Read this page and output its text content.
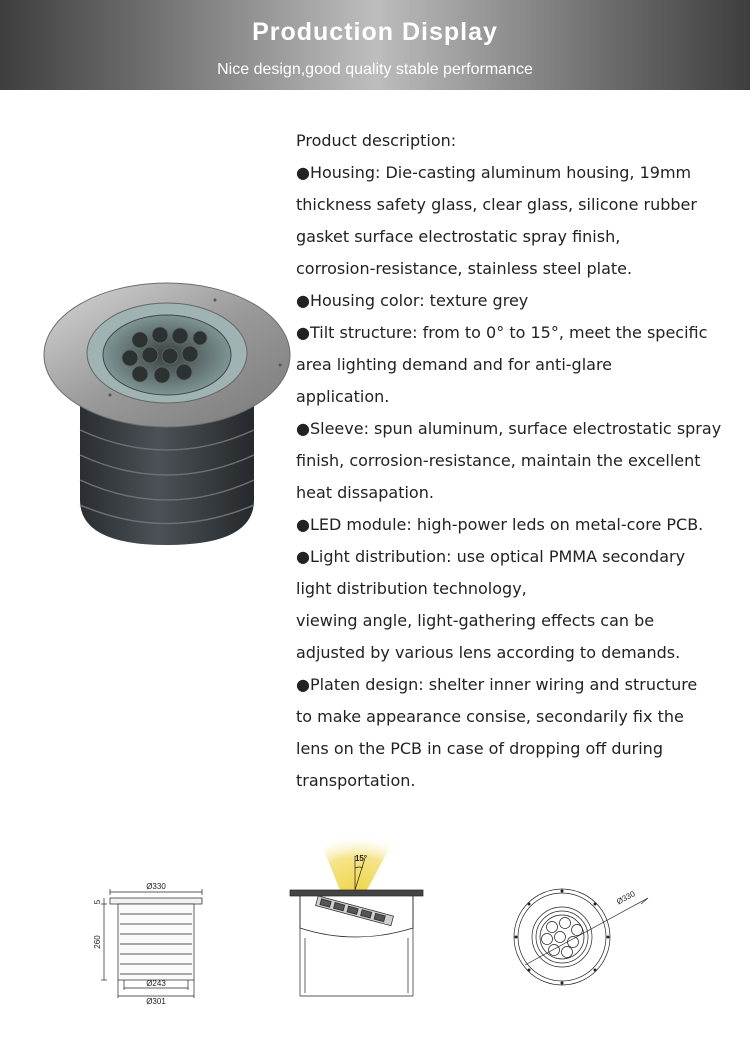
Production Display
Nice design,good quality stable performance

Product description:

●Housing: Die-casting aluminum housing, 19mm

thickness safety glass, clear glass, silicone rubber

gasket surface electrostatic spray finish,

corrosion-resistance, stainless steel plate.

●Housing color: texture grey

●Tilt structure: from to 0° to 15°, meet the specific

area lighting demand and for anti-glare

application.

●Sleeve: spun aluminum, surface electrostatic spray

finish, corrosion-resistance, maintain the excellent

heat dissapation.

●LED module: high-power leds on metal-core PCB.

●Light distribution: use optical PMMA secondary

light distribution technology,

viewing angle, light-gathering effects can be

adjusted by various lens according to demands.

●Platen design: shelter inner wiring and structure

to make appearance consise, secondarily fix the

lens on the PCB in case of dropping off during

transportation.

Ø330
5
260
Ø243
Ø301
15°
Ø330
